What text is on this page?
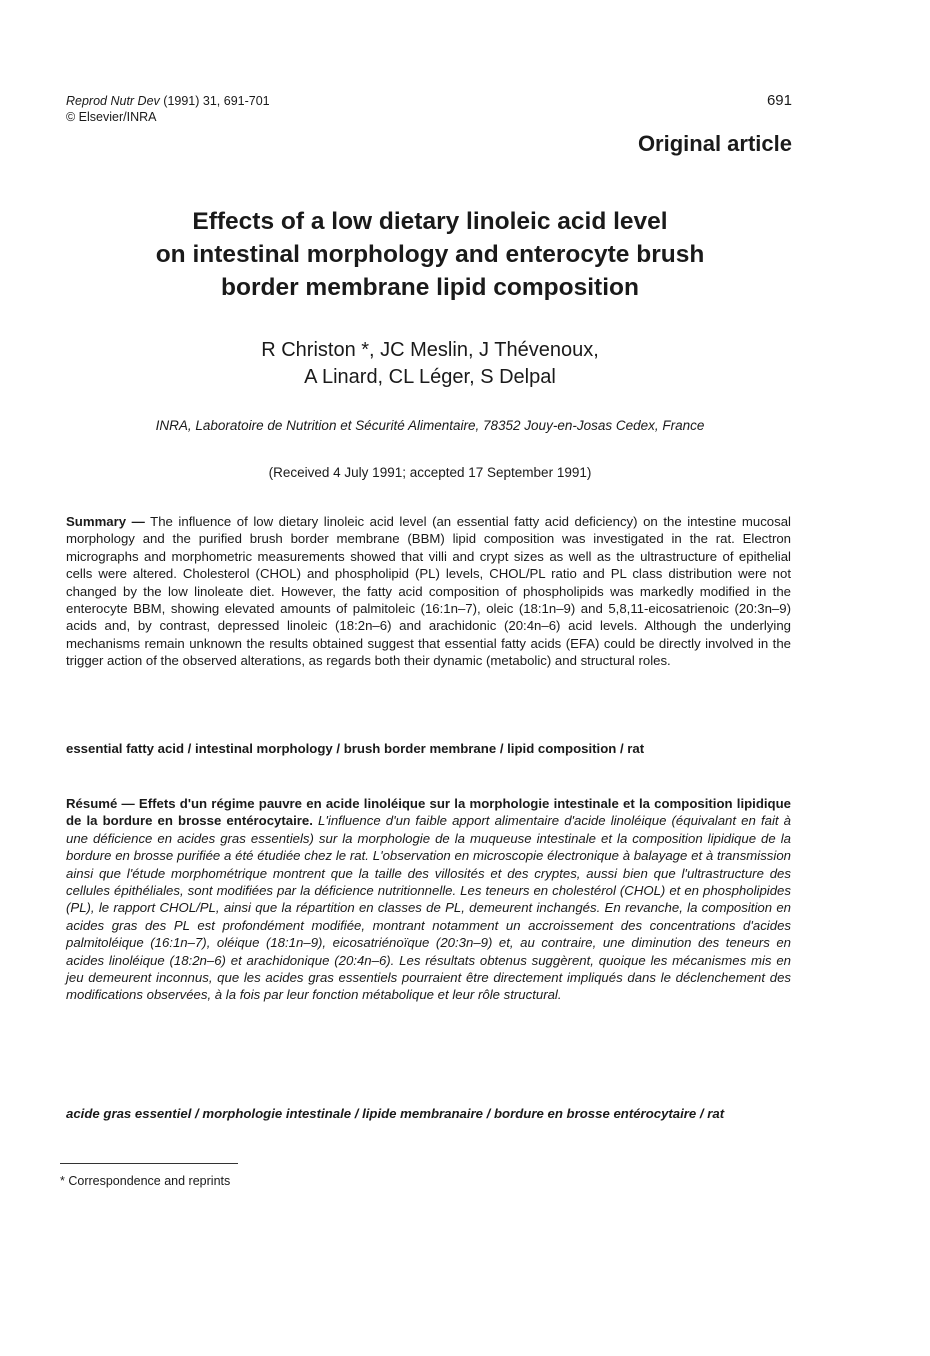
Reprod Nutr Dev (1991) 31, 691-701
© Elsevier/INRA
691
Original article
Effects of a low dietary linoleic acid level
on intestinal morphology and enterocyte brush
border membrane lipid composition
R Christon *, JC Meslin, J Thévenoux,
A Linard, CL Léger, S Delpal
INRA, Laboratoire de Nutrition et Sécurité Alimentaire, 78352 Jouy-en-Josas Cedex, France
(Received 4 July 1991; accepted 17 September 1991)
Summary — The influence of low dietary linoleic acid level (an essential fatty acid deficiency) on the intestine mucosal morphology and the purified brush border membrane (BBM) lipid composition was investigated in the rat. Electron micrographs and morphometric measurements showed that villi and crypt sizes as well as the ultrastructure of epithelial cells were altered. Cholesterol (CHOL) and phospholipid (PL) levels, CHOL/PL ratio and PL class distribution were not changed by the low linoleate diet. However, the fatty acid composition of phospholipids was markedly modified in the enterocyte BBM, showing elevated amounts of palmitoleic (16:1n–7), oleic (18:1n–9) and 5,8,11-eicosatrienoic (20:3n–9) acids and, by contrast, depressed linoleic (18:2n–6) and arachidonic (20:4n–6) acid levels. Although the underlying mechanisms remain unknown the results obtained suggest that essential fatty acids (EFA) could be directly involved in the trigger action of the observed alterations, as regards both their dynamic (metabolic) and structural roles.
essential fatty acid / intestinal morphology / brush border membrane / lipid composition / rat
Résumé — Effets d'un régime pauvre en acide linoléique sur la morphologie intestinale et la composition lipidique de la bordure en brosse entérocytaire. L'influence d'un faible apport alimentaire d'acide linoléique (équivalant en fait à une déficience en acides gras essentiels) sur la morphologie de la muqueuse intestinale et la composition lipidique de la bordure en brosse purifiée a été étudiée chez le rat. L'observation en microscopie électronique à balayage et à transmission ainsi que l'étude morphométrique montrent que la taille des villosités et des cryptes, aussi bien que l'ultrastructure des cellules épithéliales, sont modifiées par la déficience nutritionnelle. Les teneurs en cholestérol (CHOL) et en phospholipides (PL), le rapport CHOL/PL, ainsi que la répartition en classes de PL, demeurent inchangés. En revanche, la composition en acides gras des PL est profondément modifiée, montrant notamment un accroissement des concentrations d'acides palmitoléique (16:1n–7), oléique (18:1n–9), eicosatriénoïque (20:3n–9) et, au contraire, une diminution des teneurs en acides linoléique (18:2n–6) et arachidonique (20:4n–6). Les résultats obtenus suggèrent, quoique les mécanismes mis en jeu demeurent inconnus, que les acides gras essentiels pourraient être directement impliqués dans le déclenchement des modifications observées, à la fois par leur fonction métabolique et leur rôle structural.
acide gras essentiel / morphologie intestinale / lipide membranaire / bordure en brosse entérocytaire / rat
* Correspondence and reprints
